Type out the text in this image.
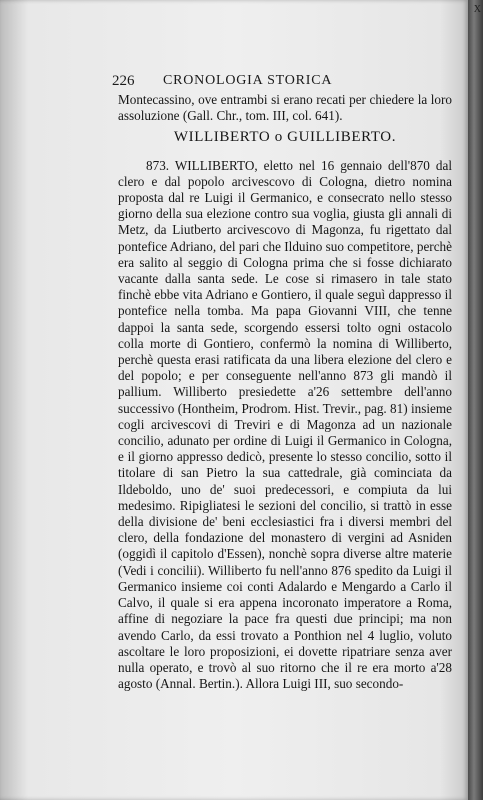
226 CRONOLOGIA STORICA

Montecassino, ove entrambi si erano recati per chiedere la loro assoluzione (Gall. Chr., tom. III, col. 641).

WILLIBERTO o GUILLIBERTO.

873. WILLIBERTO, eletto nel 16 gennaio dell'870 dal clero e dal popolo arcivescovo di Cologna, dietro nomina proposta dal re Luigi il Germanico, e consecrato nello stesso giorno della sua elezione contro sua voglia, giusta gli annali di Metz, da Liutberto arcivescovo di Magonza, fu rigettato dal pontefice Adriano, del pari che Ilduino suo competitore, perchè era salito al seggio di Cologna prima che si fosse dichiarato vacante dalla santa sede. Le cose si rimasero in tale stato finchè ebbe vita Adriano e Gontiero, il quale seguì dappresso il pontefice nella tomba. Ma papa Giovanni VIII, che tenne dappoi la santa sede, scorgendo essersi tolto ogni ostacolo colla morte di Gontiero, confermò la nomina di Williberto, perchè questa erasi ratificata da una libera elezione del clero e del popolo; e per conseguente nell'anno 873 gli mandò il pallium. Williberto presiedette a'26 settembre dell'anno successivo (Hontheim, Prodrom. Hist. Trevir., pag. 81) insieme cogli arcivescovi di Treviri e di Magonza ad un nazionale concilio, adunato per ordine di Luigi il Germanico in Cologna, e il giorno appresso dedicò, presente lo stesso concilio, sotto il titolare di san Pietro la sua cattedrale, già cominciata da Ildeboldo, uno de' suoi predecessori, e compiuta da lui medesimo. Ripigliatesi le sezioni del concilio, si trattò in esse della divisione de' beni ecclesiastici fra i diversi membri del clero, della fondazione del monastero di vergini ad Asniden (oggidì il capitolo d'Essen), nonchè sopra diverse altre materie (Vedi i concilii). Williberto fu nell'anno 876 spedito da Luigi il Germanico insieme coi conti Adalardo e Mengardo a Carlo il Calvo, il quale si era appena incoronato imperatore a Roma, affine di negoziare la pace fra questi due principi; ma non avendo Carlo, da essi trovato a Ponthion nel 4 luglio, voluto ascoltare le loro proposizioni, ei dovette ripatriare senza aver nulla operato, e trovò al suo ritorno che il re era morto a'28 agosto (Annal. Bertin.). Allora Luigi III, suo secondo-

X
